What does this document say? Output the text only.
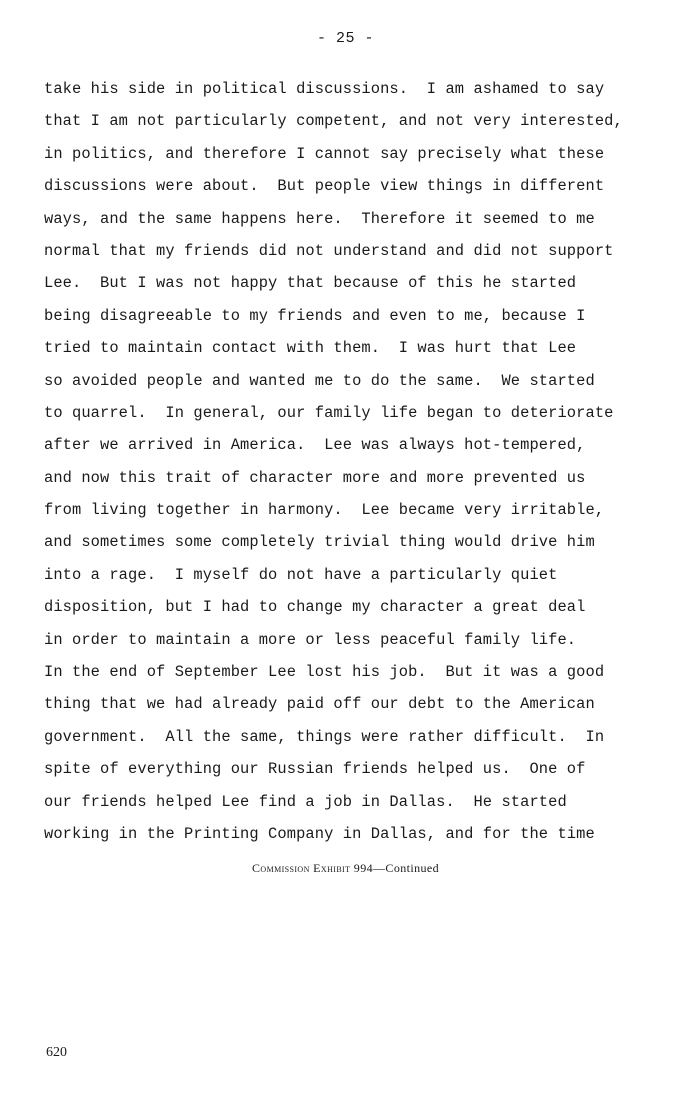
- 25 -
take his side in political discussions.  I am ashamed to say
that I am not particularly competent, and not very interested,
in politics, and therefore I cannot say precisely what these
discussions were about.  But people view things in different
ways, and the same happens here.  Therefore it seemed to me
normal that my friends did not understand and did not support
Lee.  But I was not happy that because of this he started
being disagreeable to my friends and even to me, because I
tried to maintain contact with them.  I was hurt that Lee
so avoided people and wanted me to do the same.  We started
to quarrel.  In general, our family life began to deteriorate
after we arrived in America.  Lee was always hot-tempered,
and now this trait of character more and more prevented us
from living together in harmony.  Lee became very irritable,
and sometimes some completely trivial thing would drive him
into a rage.  I myself do not have a particularly quiet
disposition, but I had to change my character a great deal
in order to maintain a more or less peaceful family life.
In the end of September Lee lost his job.  But it was a good
thing that we had already paid off our debt to the American
government.  All the same, things were rather difficult.  In
spite of everything our Russian friends helped us.  One of
our friends helped Lee find a job in Dallas.  He started
working in the Printing Company in Dallas, and for the time
Commission Exhibit 994—Continued
620
